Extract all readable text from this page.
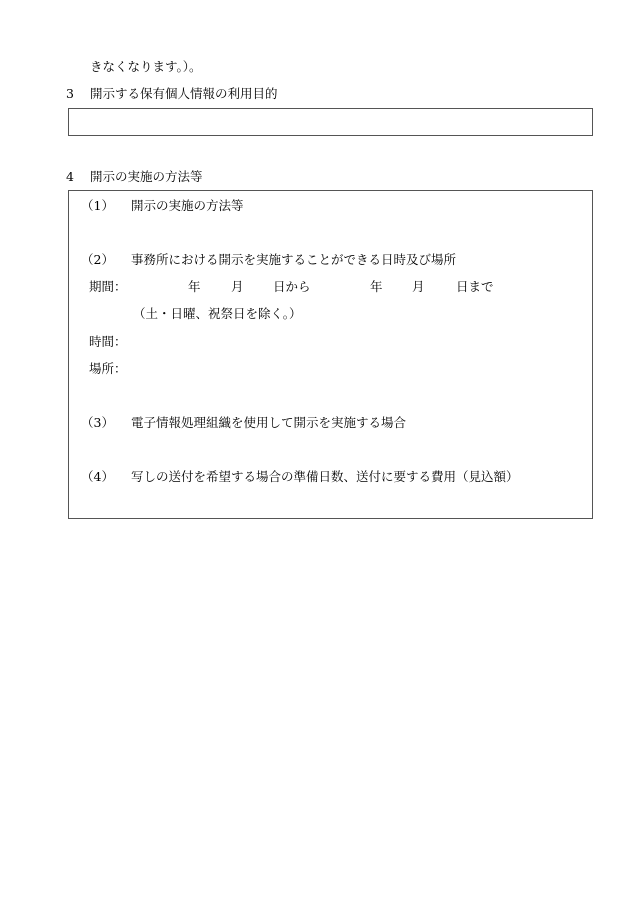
きなくなります。）。
3 開示する保有個人情報の利用目的
4 開示の実施の方法等
（1） 開示の実施の方法等
（2） 事務所における開示を実施することができる日時及び場所
期間：	年 月 日から	年 月	日まで
（土・日曜、祝祭日を除く。）
時間：
場所：
（3） 電子情報処理組織を使用して開示を実施する場合
（4） 写しの送付を希望する場合の準備日数、送付に要する費用（見込額）
